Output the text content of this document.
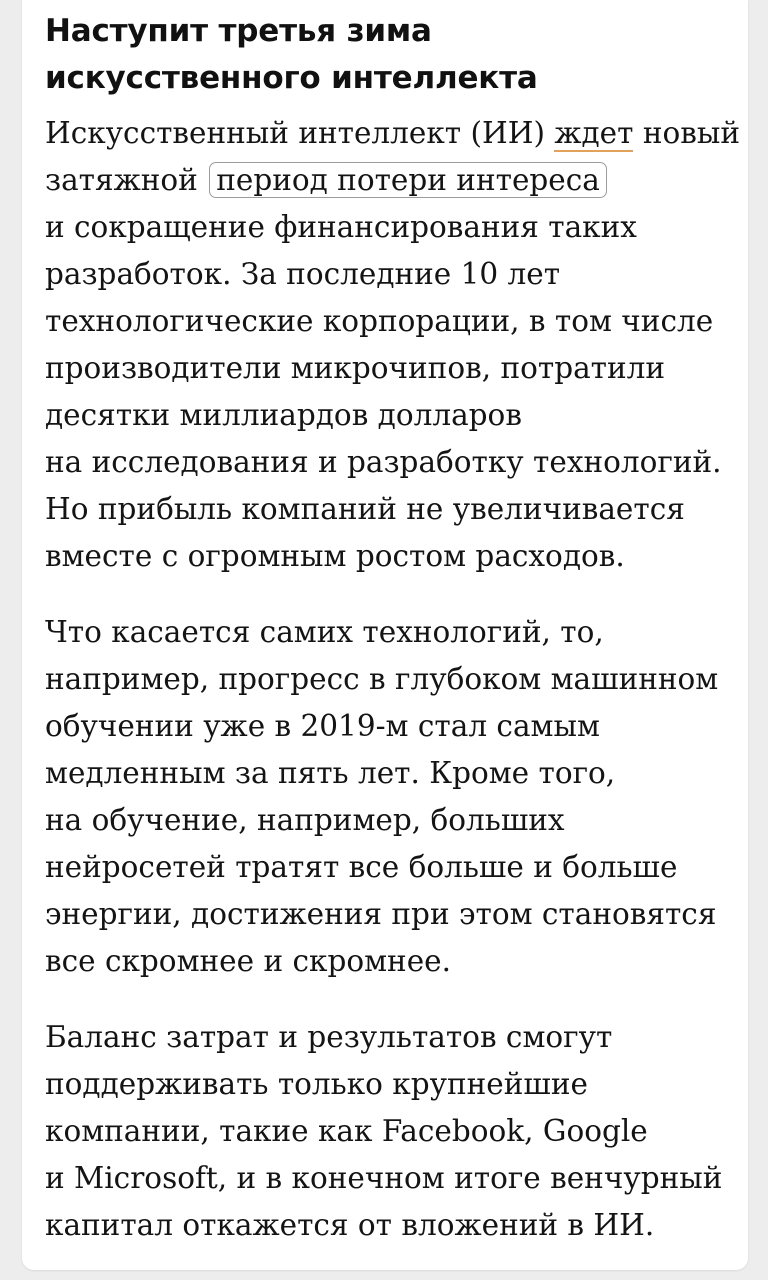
Наступит третья зима
искусственного интеллекта

Искусственный интеллект (ИИ) ждет новый
затяжной период потери интереса
и сокращение финансирования таких
разработок. За последние 10 лет
технологические корпорации, в том числе
производители микрочипов, потратили
десятки миллиардов долларов
на исследования и разработку технологий.
Но прибыль компаний не увеличивается
вместе с огромным ростом расходов.

Что касается самих технологий, то,
например, прогресс в глубоком машинном
обучении уже в 2019-м стал самым
медленным за пять лет. Кроме того,
на обучение, например, больших
нейросетей тратят все больше и больше
энергии, достижения при этом становятся
все скромнее и скромнее.

Баланс затрат и результатов смогут
поддерживать только крупнейшие
компании, такие как Facebook, Google
и Microsoft, и в конечном итоге венчурный
капитал откажется от вложений в ИИ.
